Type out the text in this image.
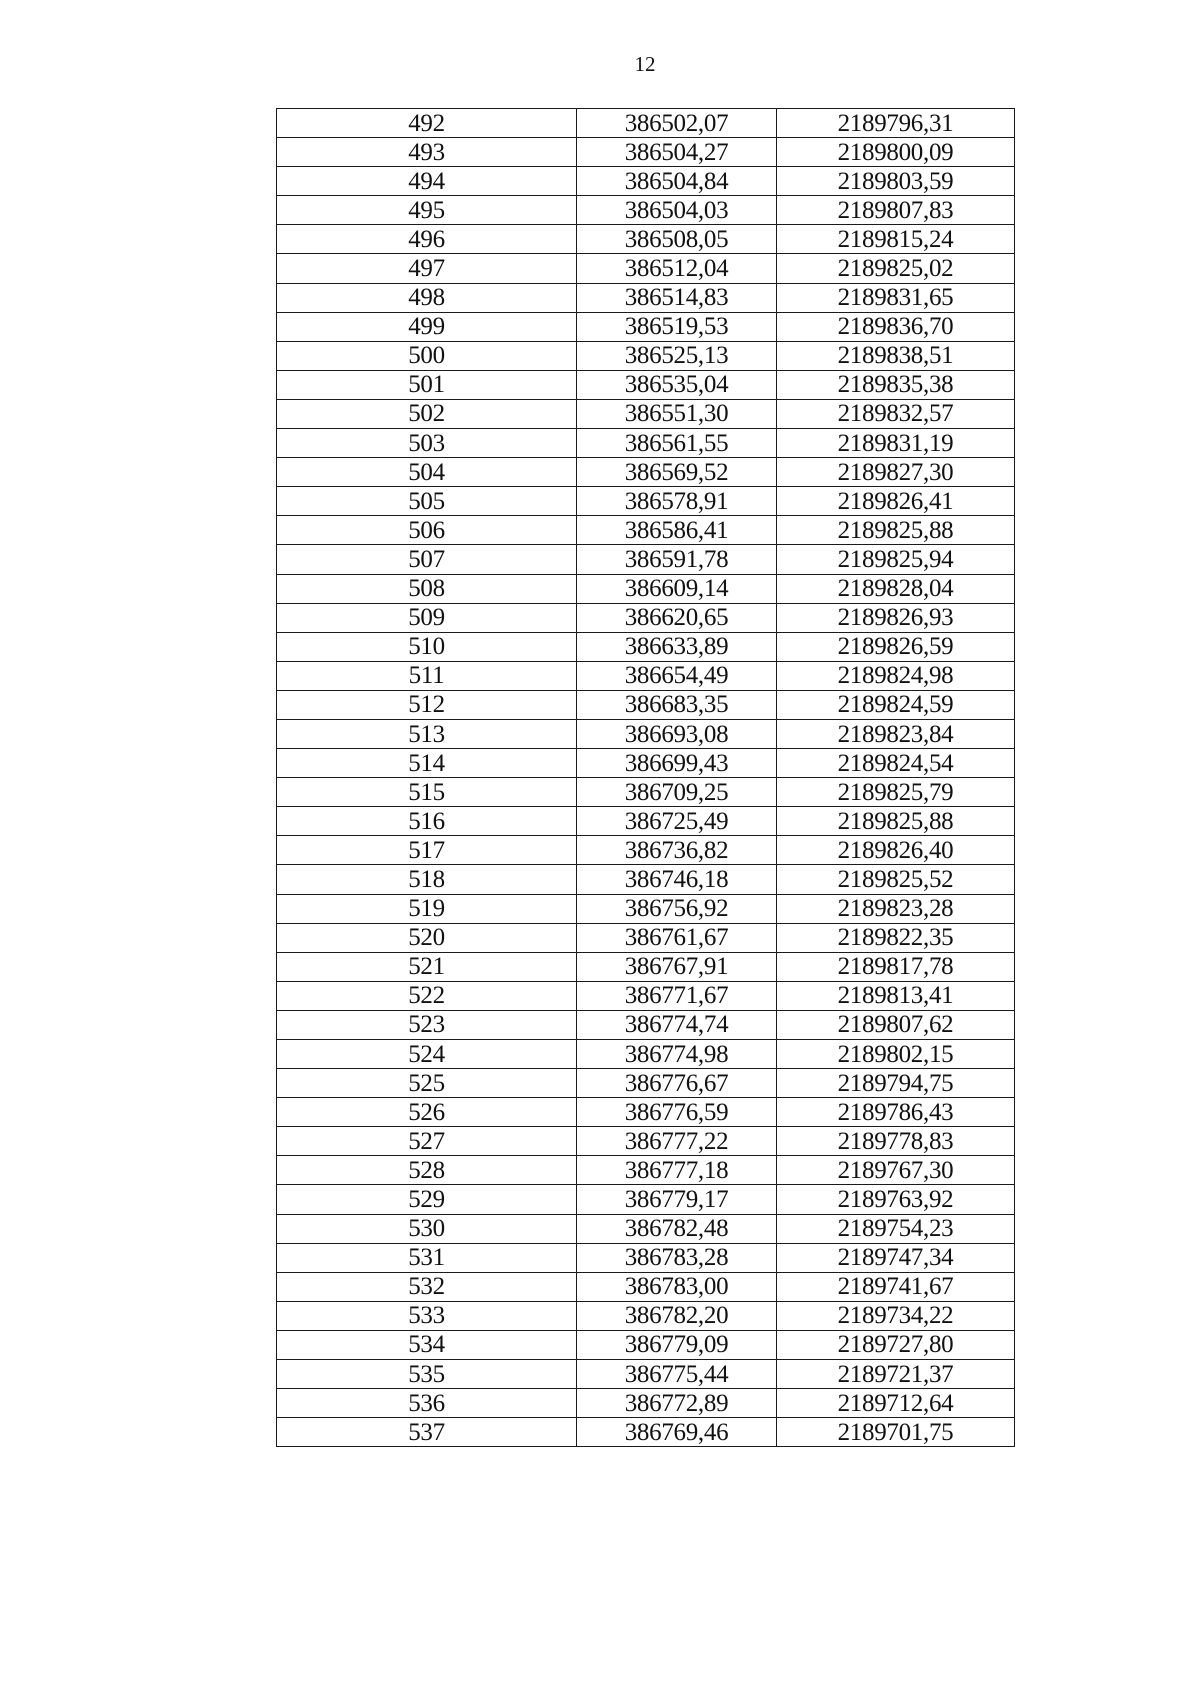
12
492	386502,07	2189796,31
493	386504,27	2189800,09
494	386504,84	2189803,59
495	386504,03	2189807,83
496	386508,05	2189815,24
497	386512,04	2189825,02
498	386514,83	2189831,65
499	386519,53	2189836,70
500	386525,13	2189838,51
501	386535,04	2189835,38
502	386551,30	2189832,57
503	386561,55	2189831,19
504	386569,52	2189827,30
505	386578,91	2189826,41
506	386586,41	2189825,88
507	386591,78	2189825,94
508	386609,14	2189828,04
509	386620,65	2189826,93
510	386633,89	2189826,59
511	386654,49	2189824,98
512	386683,35	2189824,59
513	386693,08	2189823,84
514	386699,43	2189824,54
515	386709,25	2189825,79
516	386725,49	2189825,88
517	386736,82	2189826,40
518	386746,18	2189825,52
519	386756,92	2189823,28
520	386761,67	2189822,35
521	386767,91	2189817,78
522	386771,67	2189813,41
523	386774,74	2189807,62
524	386774,98	2189802,15
525	386776,67	2189794,75
526	386776,59	2189786,43
527	386777,22	2189778,83
528	386777,18	2189767,30
529	386779,17	2189763,92
530	386782,48	2189754,23
531	386783,28	2189747,34
532	386783,00	2189741,67
533	386782,20	2189734,22
534	386779,09	2189727,80
535	386775,44	2189721,37
536	386772,89	2189712,64
537	386769,46	2189701,75
